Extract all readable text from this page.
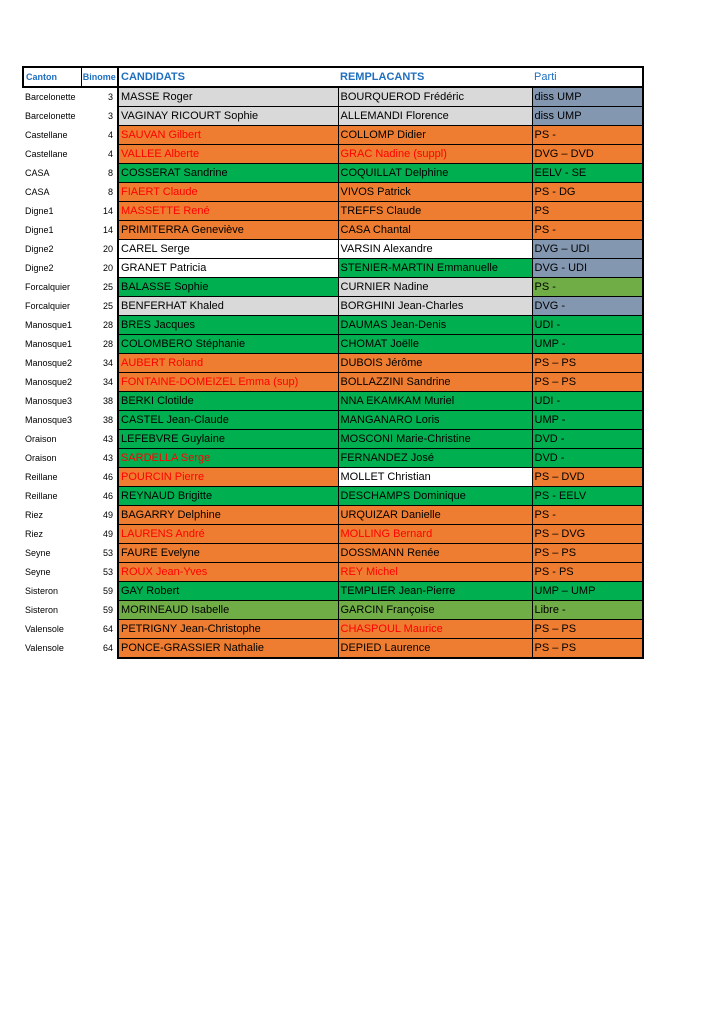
Canton	Binome	CANDIDATS	REMPLACANTS	Parti
Barcelonette	3	MASSE Roger	BOURQUEROD Frédéric	diss UMP
Barcelonette	3	VAGINAY RICOURT Sophie	ALLEMANDI Florence	diss UMP
Castellane	4	SAUVAN Gilbert	COLLOMP Didier	PS -
Castellane	4	VALLEE Alberte	GRAC Nadine (suppl)	DVG – DVD
CASA	8	COSSERAT Sandrine	COQUILLAT Delphine	EELV - SE
CASA	8	FIAERT Claude	VIVOS Patrick	PS - DG
Digne1	14	MASSETTE René	TREFFS Claude	PS
Digne1	14	PRIMITERRA Geneviève	CASA Chantal	PS -
Digne2	20	CAREL Serge	VARSIN Alexandre	DVG – UDI
Digne2	20	GRANET Patricia	STENIER-MARTIN Emmanuelle	DVG - UDI
Forcalquier	25	BALASSE Sophie	CURNIER Nadine	PS -
Forcalquier	25	BENFERHAT Khaled	BORGHINI Jean-Charles	DVG -
Manosque1	28	BRES Jacques	DAUMAS Jean-Denis	UDI -
Manosque1	28	COLOMBERO Stéphanie	CHOMAT Joëlle	UMP -
Manosque2	34	AUBERT Roland	DUBOIS Jérôme	PS – PS
Manosque2	34	FONTAINE-DOMEIZEL Emma (sup)	BOLLAZZINI Sandrine	PS – PS
Manosque3	38	BERKI Clotilde	NNA EKAMKAM Muriel	UDI -
Manosque3	38	CASTEL Jean-Claude	MANGANARO Loris	UMP -
Oraison	43	LEFEBVRE Guylaine	MOSCONI Marie-Christine	DVD -
Oraison	43	SARDELLA Serge	FERNANDEZ José	DVD -
Reillane	46	POURCIN Pierre	MOLLET Christian	PS – DVD
Reillane	46	REYNAUD Brigitte	DESCHAMPS Dominique	PS - EELV
Riez	49	BAGARRY Delphine	URQUIZAR Danielle	PS -
Riez	49	LAURENS André	MOLLING Bernard	PS – DVG
Seyne	53	FAURE Evelyne	DOSSMANN Renée	PS – PS
Seyne	53	ROUX Jean-Yves	REY Michel	PS - PS
Sisteron	59	GAY Robert	TEMPLIER Jean-Pierre	UMP – UMP
Sisteron	59	MORINEAUD Isabelle	GARCIN Françoise	Libre -
Valensole	64	PETRIGNY Jean-Christophe	CHASPOUL Maurice	PS – PS
Valensole	64	PONCE-GRASSIER Nathalie	DEPIED Laurence	PS – PS
